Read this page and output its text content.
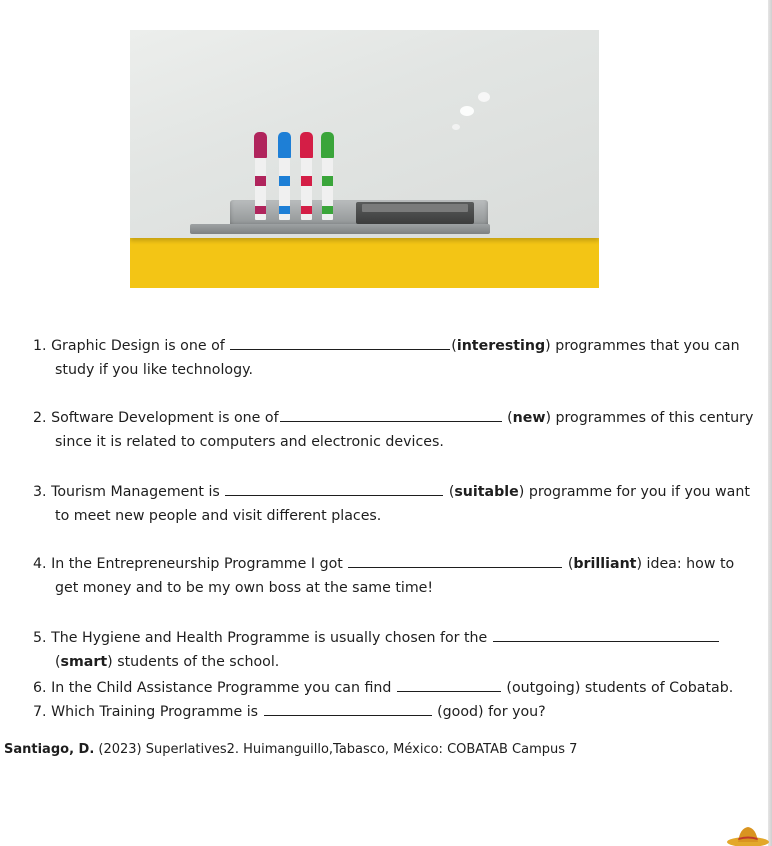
1.
Graphic Design is one of
	( interesting ) programmes that you can
study if you like technology.
2.
Software Development is one of	( new ) programmes of this century
since it is related to computers and electronic devices.
3.
Tourism Management is
	( suitable ) programme for you if you want
to meet new people and visit different places.
4.
In the Entrepreneurship Programme I got
	( brilliant ) idea: how to
get money and to be my own boss at the same time!
5.
The Hygiene and Health Programme is usually chosen for the

(smart) students of the school.
6.
In the Child Assistance Programme you can find
	( outgoing ) students of Cobatab.
7.
Which Training Programme is
	( good ) for you?
Santiago, D. (2023) Superlatives2. Huimanguillo,Tabasco, México: COBATAB Campus 7
